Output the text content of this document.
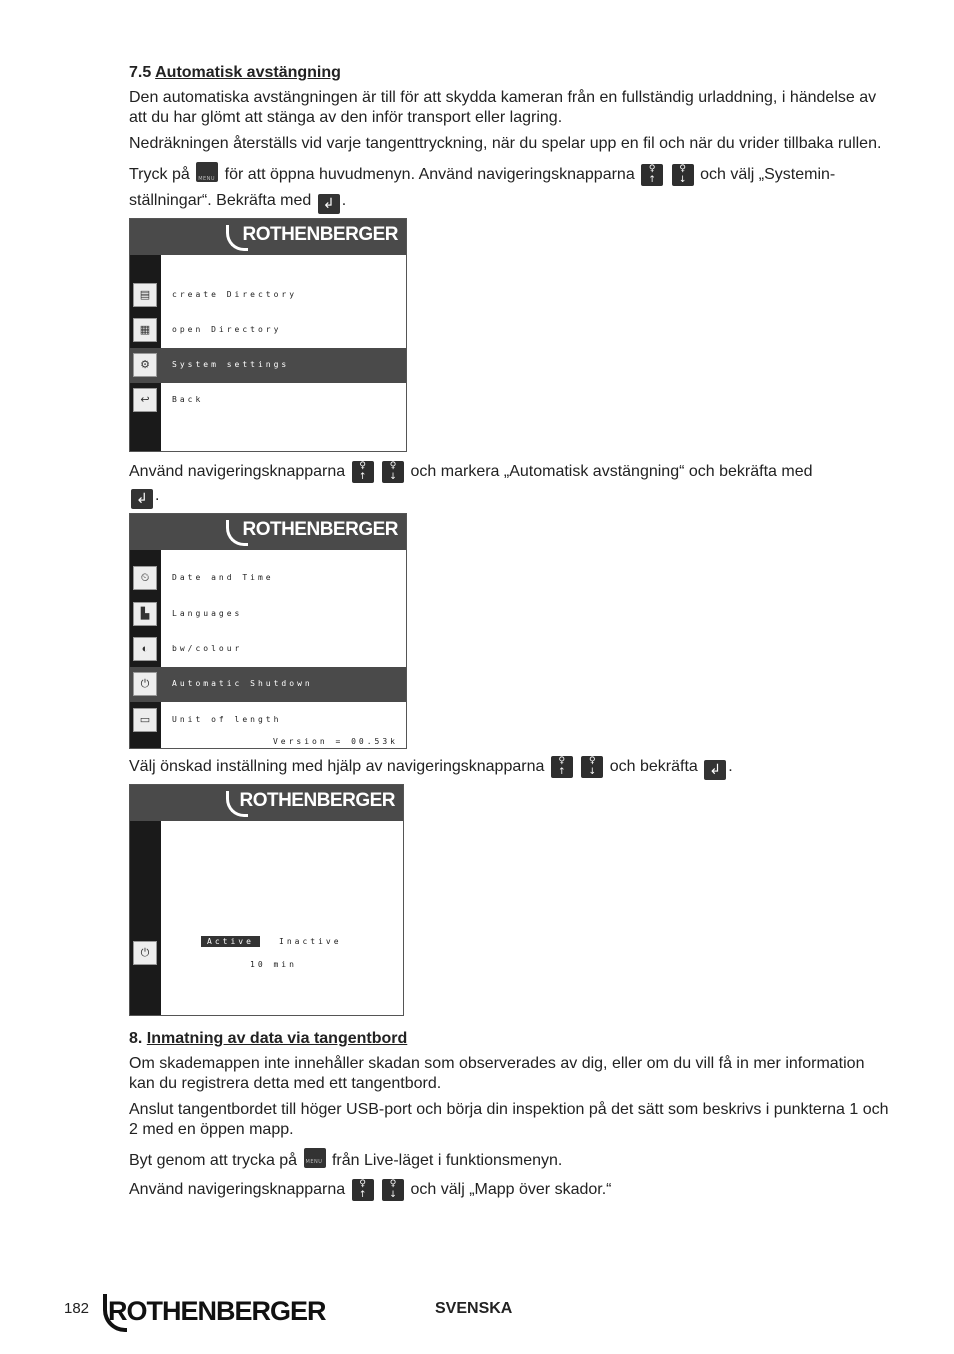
7.5 Automatisk avstängning

Den automatiska avstängningen är till för att skydda kameran från en fullständig urladdning, i händelse av att du har glömt att stänga av den inför transport eller lagring.

Nedräkningen återställs vid varje tangenttryckning, när du spelar upp en fil och när du vrider tillbaka rullen.

Tryck på MENU för att öppna huvudmenyn. Använd navigeringsknapparna	♀
↑

♀
↓ och välj „Systeminställningar“. Bekräfta med ↲ .

ROTHENBERGER
▤	create Directory
▦	open Directory
⚙	System settings
↩	Back

Använd navigeringsknapparna	♀
↑

♀
↓ och markera „Automatisk avstängning“ och bekräfta med
↲ .

ROTHENBERGER
⏲	Date and Time
▙	Languages
◐	bw/colour
⏻	Automatic Shutdown
▭	Unit of length
Version = 00.53k

Välj önskad inställning med hjälp av navigeringsknapparna	♀
↑

♀
↓ och bekräfta ↲ .

ROTHENBERGER
⏻
Active	Inactive
10 min
8. Inmatning av data via tangentbord

Om skademappen inte innehåller skadan som observerades av dig, eller om du vill få in mer information kan du registrera detta med ett tangentbord.

Anslut tangentbordet till höger USB-port och börja din inspektion på det sätt som beskrivs i punkterna 1 och 2 med en öppen mapp.

Byt genom att trycka på MENU från Live-läget i funktionsmenyn.

Använd navigeringsknapparna	♀
↑

♀
↓ och välj „Mapp över skador.“

182 ROTHENBERGER	SVENSKA
